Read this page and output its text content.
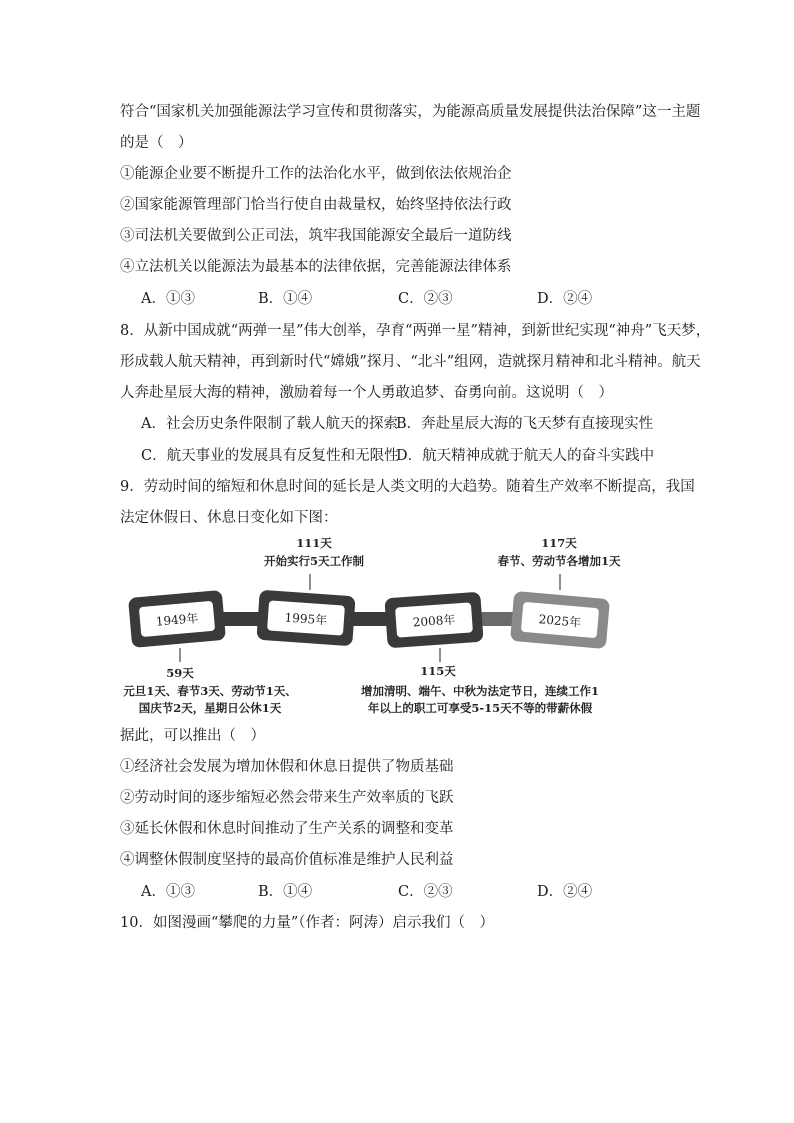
符合“国家机关加强能源法学习宣传和贯彻落实，为能源高质量发展提供法治保障”这一主题
的是（　）
①能源企业要不断提升工作的法治化水平，做到依法依规治企
②国家能源管理部门恰当行使自由裁量权，始终坚持依法行政
③司法机关要做到公正司法，筑牢我国能源安全最后一道防线
④立法机关以能源法为最基本的法律依据，完善能源法律体系
A．①③	B．①④	C．②③	D．②④
8．从新中国成就“两弹一星”伟大创举，孕育“两弹一星”精神，到新世纪实现“神舟”飞天梦，
形成载人航天精神，再到新时代“嫦娥”探月、“北斗”组网，造就探月精神和北斗精神。航天
人奔赴星辰大海的精神，激励着每一个人勇敢追梦、奋勇向前。这说明（　）
A．社会历史条件限制了载人航天的探索
B．奔赴星辰大海的飞天梦有直接现实性
C．航天事业的发展具有反复性和无限性
D．航天精神成就于航天人的奋斗实践中
9．劳动时间的缩短和休息时间的延长是人类文明的大趋势。随着生产效率不断提高，我国
法定休假日、休息日变化如下图：
1949年	1995年	2008年	2025年
111天
开始实行5天工作制
117天
春节、劳动节各增加1天
59天
元旦1天、春节3天、劳动节1天、
国庆节2天，星期日公休1天
115天
增加清明、端午、中秋为法定节日，连续工作1
年以上的职工可享受5-15天不等的带薪休假
据此，可以推出（　）
①经济社会发展为增加休假和休息日提供了物质基础
②劳动时间的逐步缩短必然会带来生产效率质的飞跃
③延长休假和休息时间推动了生产关系的调整和变革
④调整休假制度坚持的最高价值标准是维护人民利益
A．①③	B．①④	C．②③	D．②④
10．如图漫画“攀爬的力量”（作者：阿涛）启示我们（　）
